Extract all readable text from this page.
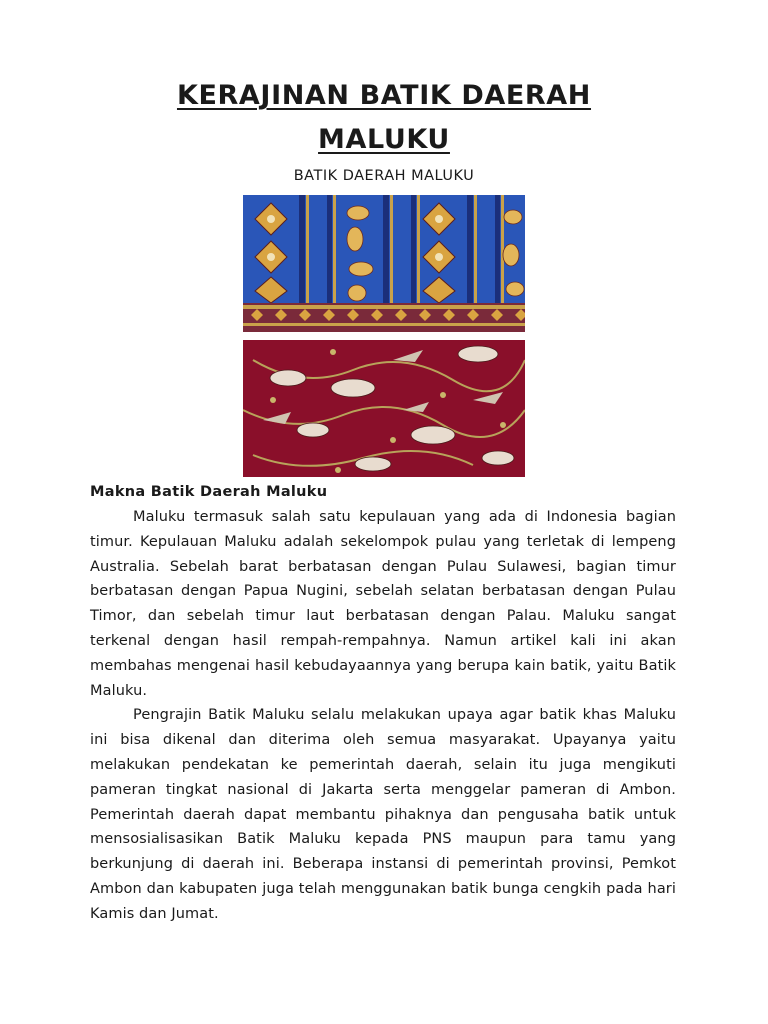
KERAJINAN BATIK DAERAH
MALUKU
BATIK DAERAH MALUKU
Makna Batik Daerah Maluku

Maluku termasuk salah satu kepulauan yang ada di Indonesia bagian timur. Kepulauan Maluku adalah sekelompok pulau yang terletak di lempeng Australia. Sebelah barat berbatasan dengan Pulau Sulawesi, bagian timur berbatasan dengan Papua Nugini, sebelah selatan berbatasan dengan Pulau Timor, dan sebelah timur laut berbatasan dengan Palau. Maluku sangat terkenal dengan hasil rempah-rempahnya. Namun artikel kali ini akan membahas mengenai hasil kebudayaannya yang berupa kain batik, yaitu Batik Maluku.

Pengrajin Batik Maluku selalu melakukan upaya agar batik khas Maluku ini bisa dikenal dan diterima oleh semua masyarakat. Upayanya yaitu melakukan pendekatan ke pemerintah daerah, selain itu juga mengikuti pameran tingkat nasional di Jakarta serta menggelar pameran di Ambon. Pemerintah daerah dapat membantu pihaknya dan pengusaha batik untuk mensosialisasikan Batik Maluku kepada PNS maupun para tamu yang berkunjung di daerah ini. Beberapa instansi di pemerintah provinsi, Pemkot Ambon dan kabupaten juga telah menggunakan batik bunga cengkih pada hari Kamis dan Jumat.
